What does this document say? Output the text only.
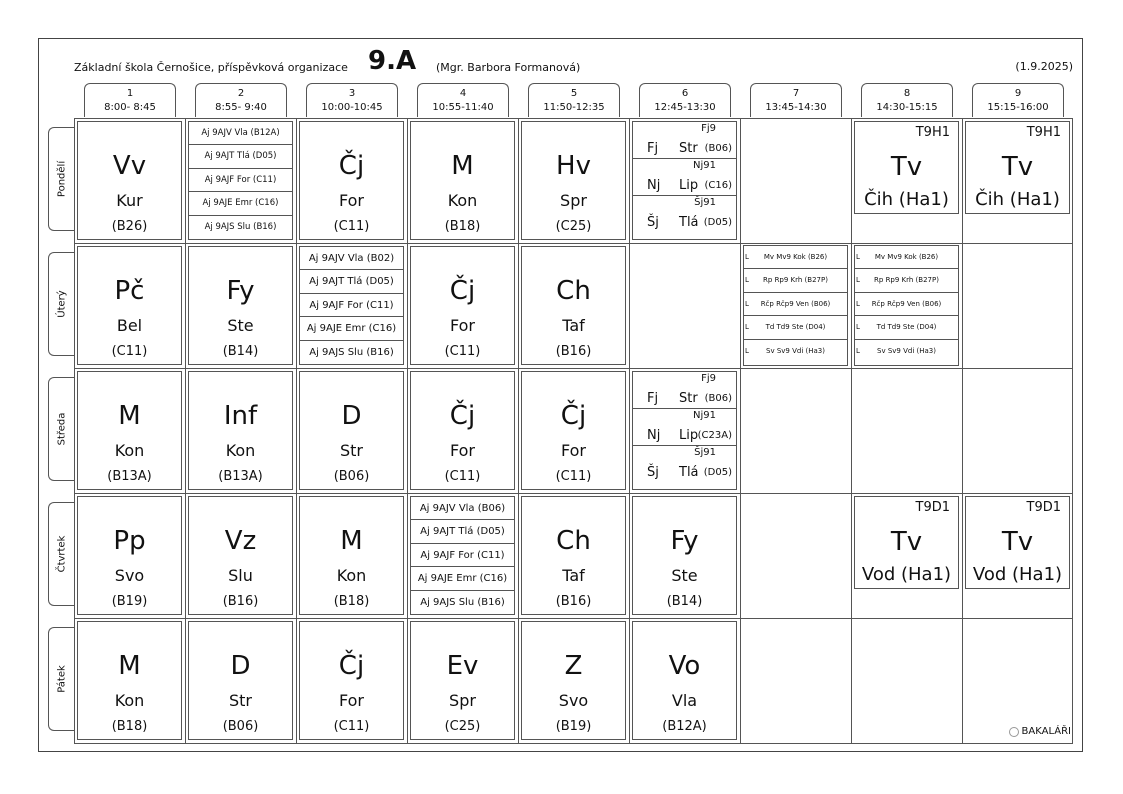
Základní škola Černošice, příspěvková organizace 9.A (Mgr. Barbora Formanová)	(1.9.2025)
1
8:00- 8:45
2
8:55- 9:40
3
10:00-10:45
4
10:55-11:40
5
11:50-12:35
6
12:45-13:30
7
13:45-14:30
8
14:30-15:15
9
15:15-16:00
Pondělí
Úterý
Středa
Čtvrtek
Pátek
Vv
Kur
(B26)
Čj
For
(C11)
M
Kon
(B18)
Hv
Spr
(C25)
Pč
Bel
(C11)
Fy
Ste
(B14)
Čj
For
(C11)
Ch
Taf
(B16)
M
Kon
(B13A)
Inf
Kon
(B13A)
D
Str
(B06)
Čj
For
(C11)
Čj
For
(C11)
Pp
Svo
(B19)
Vz
Slu
(B16)
M
Kon
(B18)
Ch
Taf
(B16)
Fy
Ste
(B14)
M
Kon
(B18)
D
Str
(B06)
Čj
For
(C11)
Ev
Spr
(C25)
Z
Svo
(B19)
Vo
Vla
(B12A)
T9H1
Tv
Čih (Ha1)
T9H1
Tv
Čih (Ha1)
T9D1
Tv
Vod (Ha1)
T9D1
Tv
Vod (Ha1)
Aj 9AJV Vla (B12A)
Aj 9AJT Tlá (D05)
Aj 9AJF For (C11)
Aj 9AJE Emr (C16)
Aj 9AJS Slu (B16)
Aj 9AJV Vla (B02)
Aj 9AJT Tlá (D05)
Aj 9AJF For (C11)
Aj 9AJE Emr (C16)
Aj 9AJS Slu (B16)
Aj 9AJV Vla (B06)
Aj 9AJT Tlá (D05)
Aj 9AJF For (C11)
Aj 9AJE Emr (C16)
Aj 9AJS Slu (B16)
Fj9
Fj Str (B06)
Nj91
Nj Lip (C16)
Šj91
Šj Tlá (D05)
Fj9
Fj Str (B06)
Nj91
Nj Lip (C23A)
Šj91
Šj Tlá (D05)
L Mv Mv9 Kok (B26)
L Rp Rp9 Krh (B27P)
L Rčp Rčp9 Ven (B06)
L Td Td9 Ste (D04)
L Sv Sv9 Vdi (Ha3)
L Mv Mv9 Kok (B26)
L Rp Rp9 Krh (B27P)
L Rčp Rčp9 Ven (B06)
L Td Td9 Ste (D04)
L Sv Sv9 Vdi (Ha3)
BAKALÁŘI
